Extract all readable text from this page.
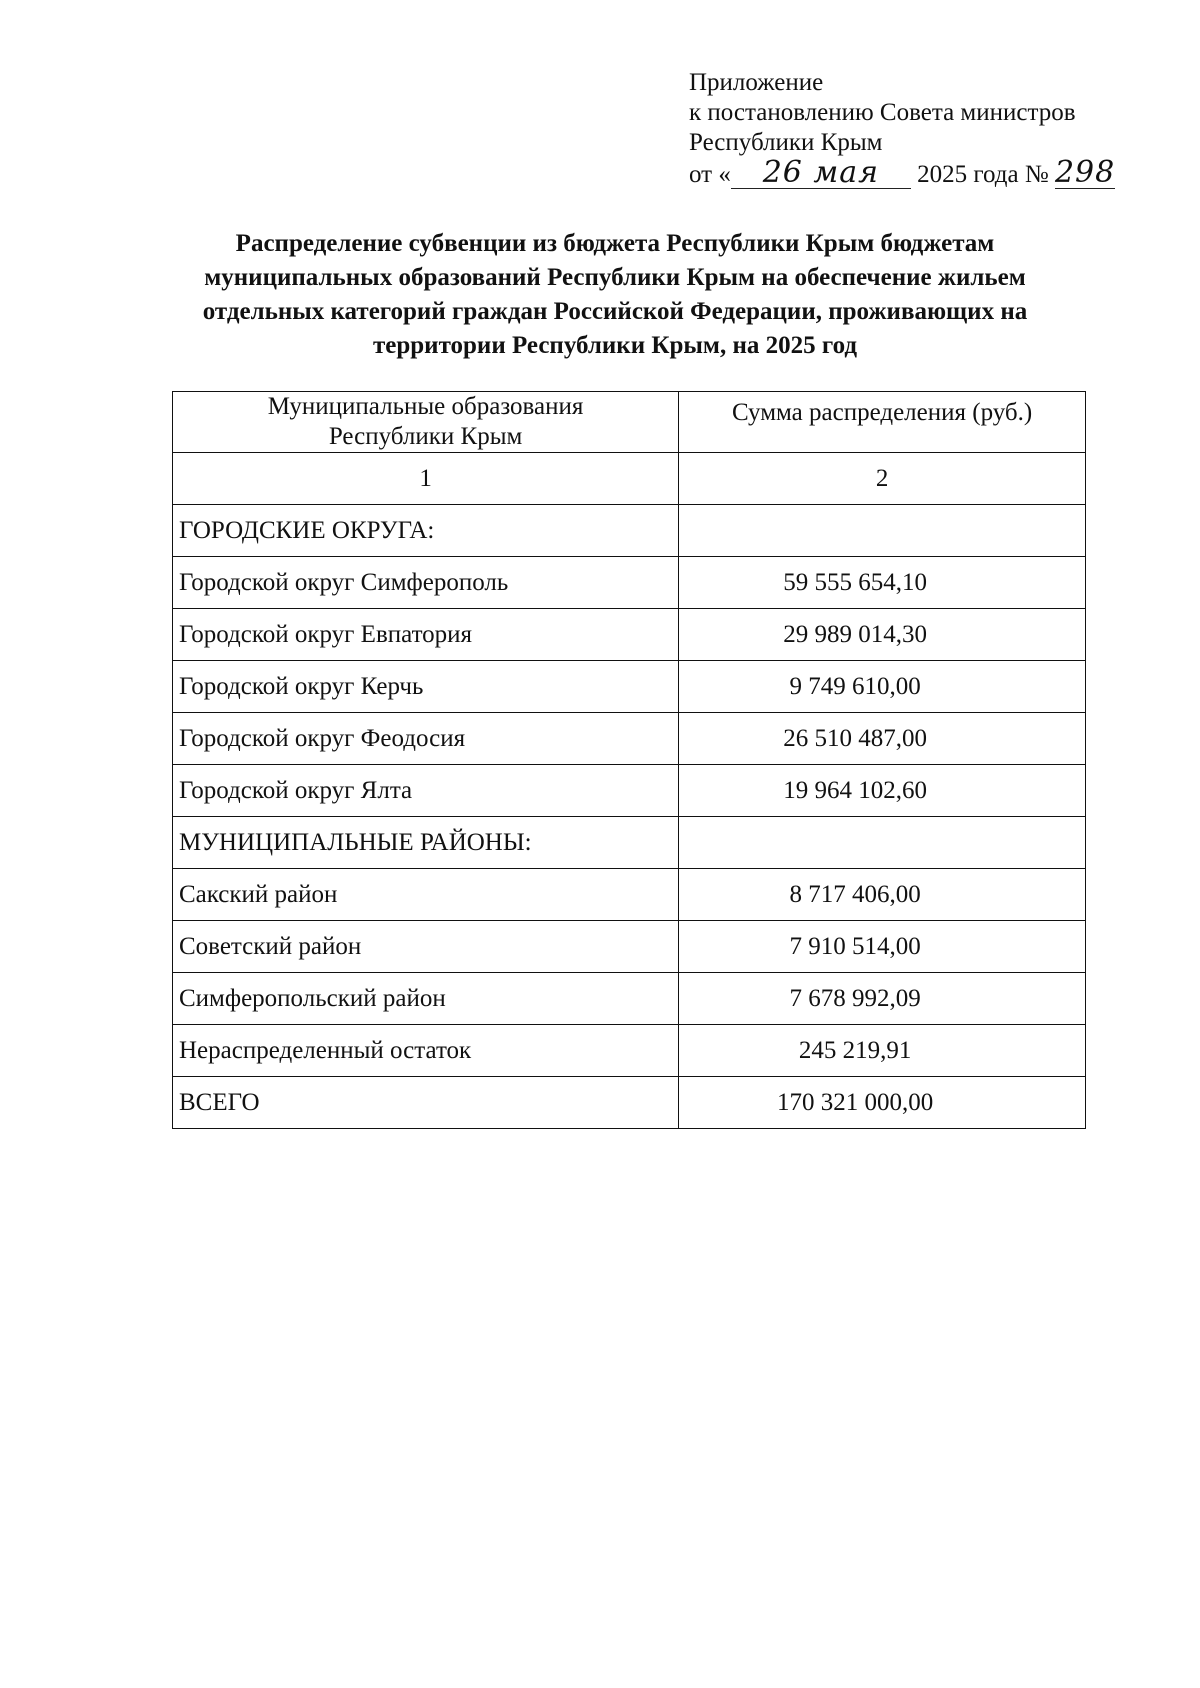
Приложение
к постановлению Совета министров
Республики Крым
от « 26 мая 2025 года № 298
Распределение субвенции из бюджета Республики Крым бюджетам
муниципальных образований Республики Крым на обеспечение жильем
отдельных категорий граждан Российской Федерации, проживающих на
территории Республики Крым, на 2025 год
Муниципальные образования
Республики Крым	Сумма распределения (руб.)
1	2
ГОРОДСКИЕ ОКРУГА:	
Городской округ Симферополь	59 555 654,10
Городской округ Евпатория	29 989 014,30
Городской округ Керчь	9 749 610,00
Городской округ Феодосия	26 510 487,00
Городской округ Ялта	19 964 102,60
МУНИЦИПАЛЬНЫЕ РАЙОНЫ:	
Сакский район	8 717 406,00
Советский район	7 910 514,00
Симферопольский район	7 678 992,09
Нераспределенный остаток	245 219,91
ВСЕГО	170 321 000,00
